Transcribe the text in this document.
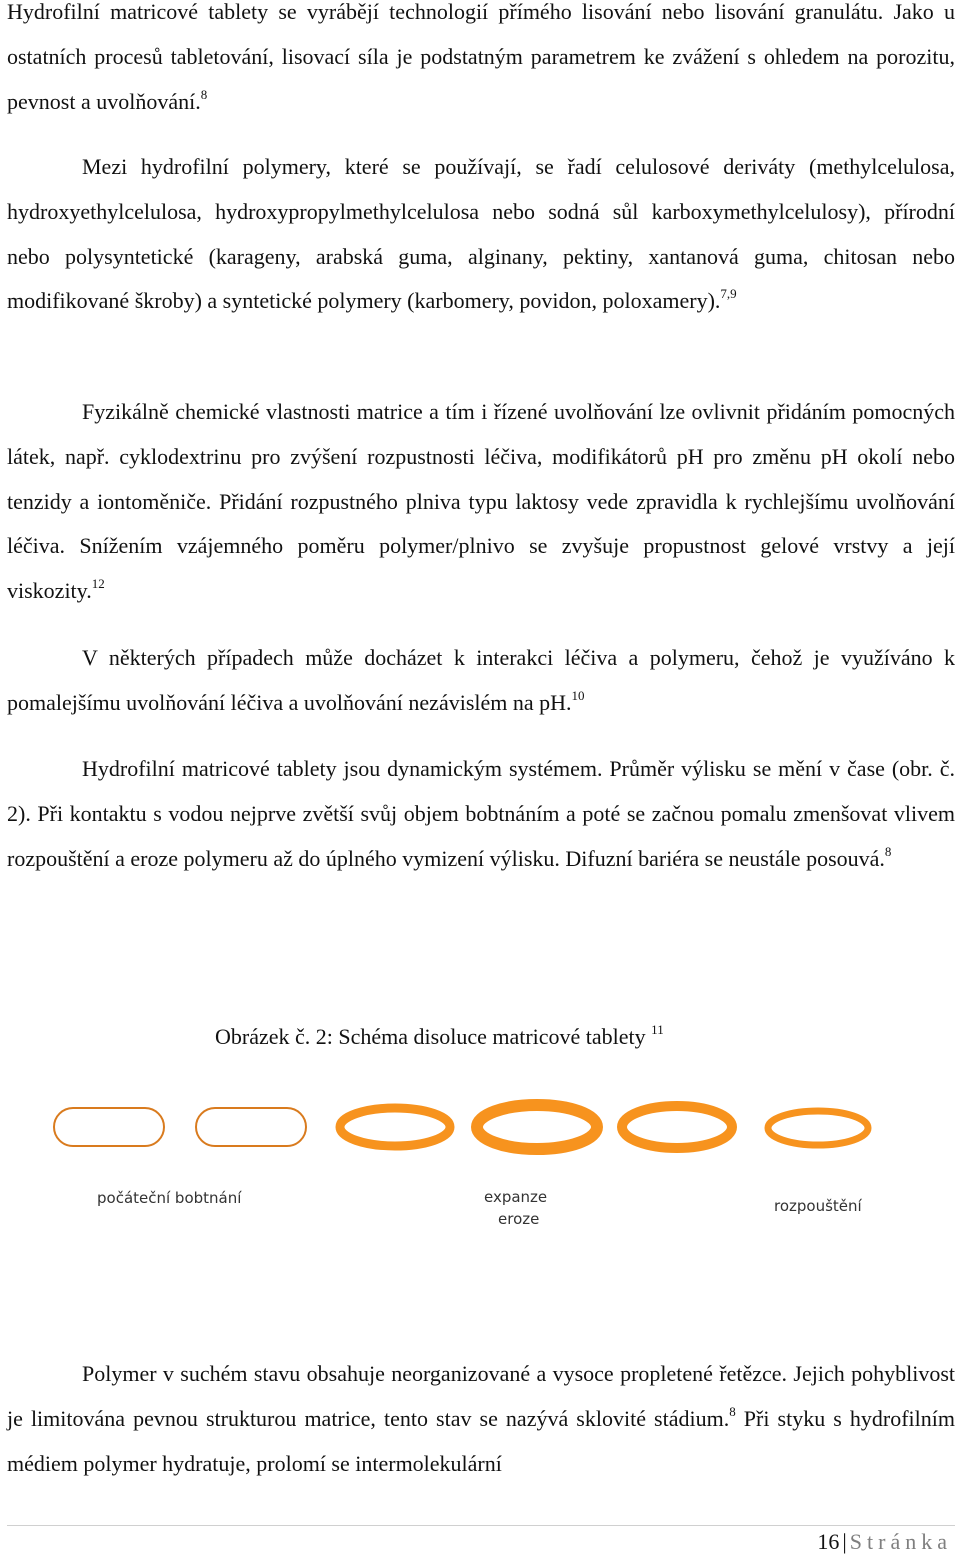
Hydrofilní matricové tablety se vyrábějí technologií přímého lisování nebo lisování granulátu. Jako u ostatních procesů tabletování, lisovací síla je podstatným parametrem ke zvážení s ohledem na porozitu, pevnost a uvolňování.$^8$

Mezi hydrofilní polymery, které se používají, se řadí celulosové deriváty (methylcelulosa, hydroxyethylcelulosa, hydroxypropylmethylcelulosa nebo sodná sůl karboxymethylcelulosy), přírodní nebo polysyntetické (karageny, arabská guma, alginany, pektiny, xantanová guma, chitosan nebo modifikované škroby) a syntetické polymery (karbomery, povidon, poloxamery).$^{7,9}$

Fyzikálně chemické vlastnosti matrice a tím i řízené uvolňování lze ovlivnit přidáním pomocných látek, např. cyklodextrinu pro zvýšení rozpustnosti léčiva, modifikátorů pH pro změnu pH okolí nebo tenzidy a iontoměniče. Přidání rozpustného plniva typu laktosy vede zpravidla k rychlejšímu uvolňování léčiva. Snížením vzájemného poměru polymer/plnivo se zvyšuje propustnost gelové vrstvy a její viskozity.$^{12}$

V některých případech může docházet k interakci léčiva a polymeru, čehož je využíváno k pomalejšímu uvolňování léčiva a uvolňování nezávislém na pH.$^{10}$

Hydrofilní matricové tablety jsou dynamickým systémem. Průměr výlisku se mění v čase (obr. č. 2). Při kontaktu s vodou nejprve zvětší svůj objem bobtnáním a poté se začnou pomalu zmenšovat vlivem rozpouštění a eroze polymeru až do úplného vymizení výlisku. Difuzní bariéra se neustále posouvá.$^8$

Obrázek č. 2: Schéma disoluce matricové tablety $^{11}$
počáteční bobtnání	expanze
eroze
rozpouštění

Polymer v suchém stavu obsahuje neorganizované a vysoce propletené řetězce. Jejich pohyblivost je limitována pevnou strukturou matrice, tento stav se nazývá sklovité stádium.$^8$ Při styku s hydrofilním médiem polymer hydratuje, prolomí se intermolekulární

16 | Stránka
